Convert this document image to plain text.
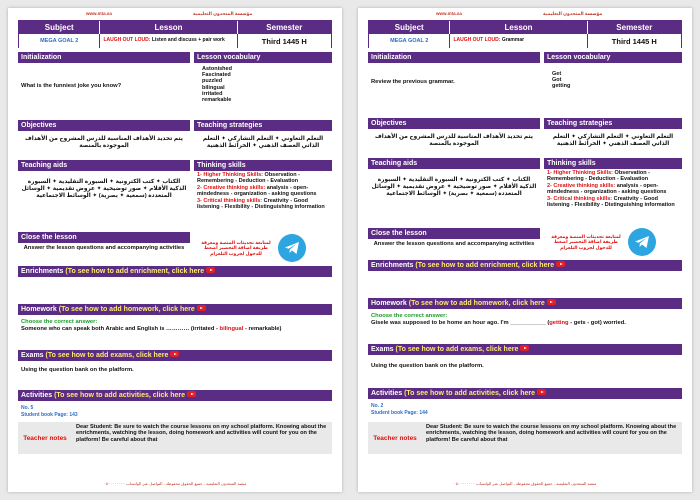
www.mta.sa	مؤسسة المتحدون التعليمية
Subject	Lesson	Semester
MEGA GOAL 2	LAUGH OUT LOUD: Listen and discuss + pair work	Third 1445 H
Initialization
What is the funniest joke you know?
Lesson vocabulary
Astonished
Fascinated
puzzled
bilingual
irritated
remarkable
Objectives
يتم تحديد الأهداف المناسبة للدرس المشروح من الأهداف الموجودة بالمنصة
Teaching strategies
التعلم التعاوني ✦ التعلم التشاركي ✦ التعلم الذاتي العصف الذهني ✦ الخرائط الذهنية
Teaching aids
الكتاب ✦ كتب الكترونية ✦ السبورة التقليدية ✦ السبورة الذكية الأقلام ✦ صور توضيحية ✦ عروض تقديمية ✦ الوسائل المتعددة (سمعية ✦ بصرية) ✦ الوسائط الاجتماعية
Thinking skills
1- Higher Thinking Skills: Observation - Remembering - Deduction - Evaluation
2- Creative thinking skills: analysis - open-mindedness - organization - asking questions
3- Critical thinking skills: Creativity - Good listening - Flexibility - Distinguishing information
Close the lesson
Answer the lesson questions and accompanying activities
لمتابعة تحديثات المنصة ومعرفة طريقة اضافة التحضير اضغط للدخول لجروب التلغرام
Enrichments (To see how to add enrichment, click here
Homework (To see how to add homework, click here
Choose the correct answer:
Someone who can speak both Arabic and English is ………… (irritated - bilingual - remarkable)
Exams (To see how to add exams, click here
Using the question bank on the platform.
Activities (To see how to add activities, click here
No. 5
Student book Page: 143
Teacher notes
Dear Student: Be sure to watch the course lessons on my school platform. Knowing about the enrichments, watching the lesson, doing homework and activities will count for you on the platform! Be careful about that
منصة المتحدون التعليمية - جميع الحقوق محفوظة - التواصل عبر الواتساب ٠٥٠٠٠٠٠٠٠٠
www.mta.sa	مؤسسة المتحدون التعليمية
Subject	Lesson	Semester
MEGA GOAL 2	LAUGH OUT LOUD: Grammar	Third 1445 H
Initialization
Review the previous grammar.
Lesson vocabulary
Get
Got
getting
Objectives
يتم تحديد الأهداف المناسبة للدرس المشروح من الأهداف الموجودة بالمنصة
Teaching strategies
التعلم التعاوني ✦ التعلم التشاركي ✦ التعلم الذاتي العصف الذهني ✦ الخرائط الذهنية
Teaching aids
الكتاب ✦ كتب الكترونية ✦ السبورة التقليدية ✦ السبورة الذكية الأقلام ✦ صور توضيحية ✦ عروض تقديمية ✦ الوسائل المتعددة (سمعية ✦ بصرية) ✦ الوسائط الاجتماعية
Thinking skills
1- Higher Thinking Skills: Observation - Remembering - Deduction - Evaluation
2- Creative thinking skills: analysis - open-mindedness - organization - asking questions
3- Critical thinking skills: Creativity - Good listening - Flexibility - Distinguishing information
Close the lesson
Answer the lesson questions and accompanying activities
لمتابعة تحديثات المنصة ومعرفة طريقة اضافة التحضير اضغط للدخول لجروب التلغرام
Enrichments (To see how to add enrichment, click here
Homework (To see how to add homework, click here
Choose the correct answer:
Gisele was supposed to be home an hour ago. I'm ___________ (getting - gets - got) worried.
Exams (To see how to add exams, click here
Using the question bank on the platform.
Activities (To see how to add activities, click here
No. 2
Student book Page: 144
Teacher notes
Dear Student: Be sure to watch the course lessons on my school platform. Knowing about the enrichments, watching the lesson, doing homework and activities will count for you on the platform! Be careful about that
منصة المتحدون التعليمية - جميع الحقوق محفوظة - التواصل عبر الواتساب ٠٥٠٠٠٠٠٠٠٠
